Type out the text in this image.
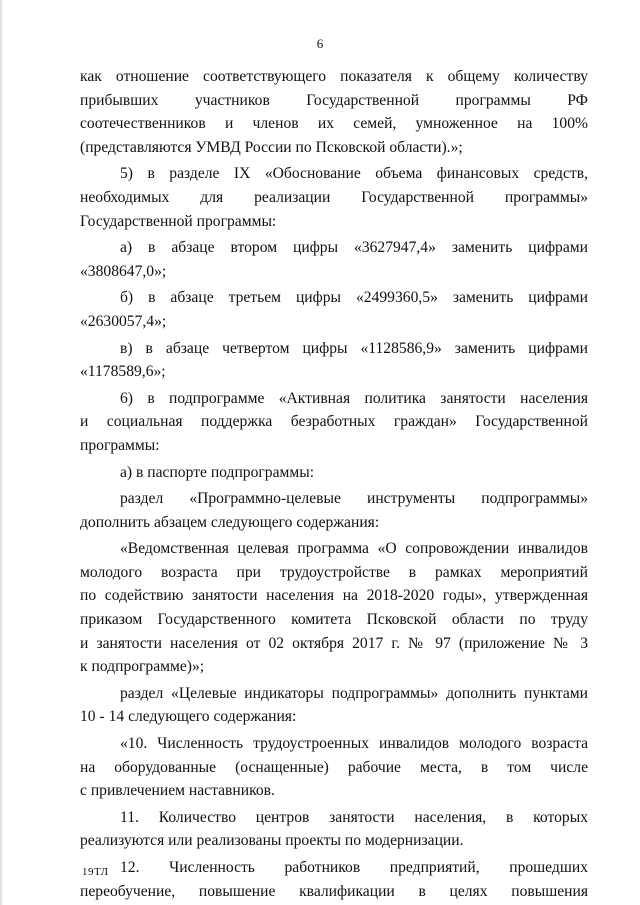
6

как отношение соответствующего показателя к общему количеству

прибывших участников Государственной программы РФ

соотечественников и членов их семей, умноженное на 100%

(представляются УМВД России по Псковской области).»;

5) в разделе IX «Обоснование объема финансовых средств,

необходимых для реализации Государственной программы»

Государственной программы:

а) в абзаце втором цифры «3627947,4» заменить цифрами

«3808647,0»;

б) в абзаце третьем цифры «2499360,5» заменить цифрами

«2630057,4»;

в) в абзаце четвертом цифры «1128586,9» заменить цифрами

«1178589,6»;

6) в подпрограмме «Активная политика занятости населения

и социальная поддержка безработных граждан» Государственной

программы:

а) в паспорте подпрограммы:

раздел «Программно-целевые инструменты подпрограммы»

дополнить абзацем следующего содержания:

«Ведомственная целевая программа «О сопровождении инвалидов

молодого возраста при трудоустройстве в рамках мероприятий

по содействию занятости населения на 2018-2020 годы», утвержденная

приказом Государственного комитета Псковской области по труду

и занятости населения от 02 октября 2017 г. № 97 (приложение № 3

к подпрограмме)»;

раздел «Целевые индикаторы подпрограммы» дополнить пунктами

10 - 14 следующего содержания:

«10. Численность трудоустроенных инвалидов молодого возраста

на оборудованные (оснащенные) рабочие места, в том числе

с привлечением наставников.

11. Количество центров занятости населения, в которых

реализуются или реализованы проекты по модернизации.

12. Численность работников предприятий, прошедших

переобучение, повышение квалификации в целях повышения

19ТЛ
